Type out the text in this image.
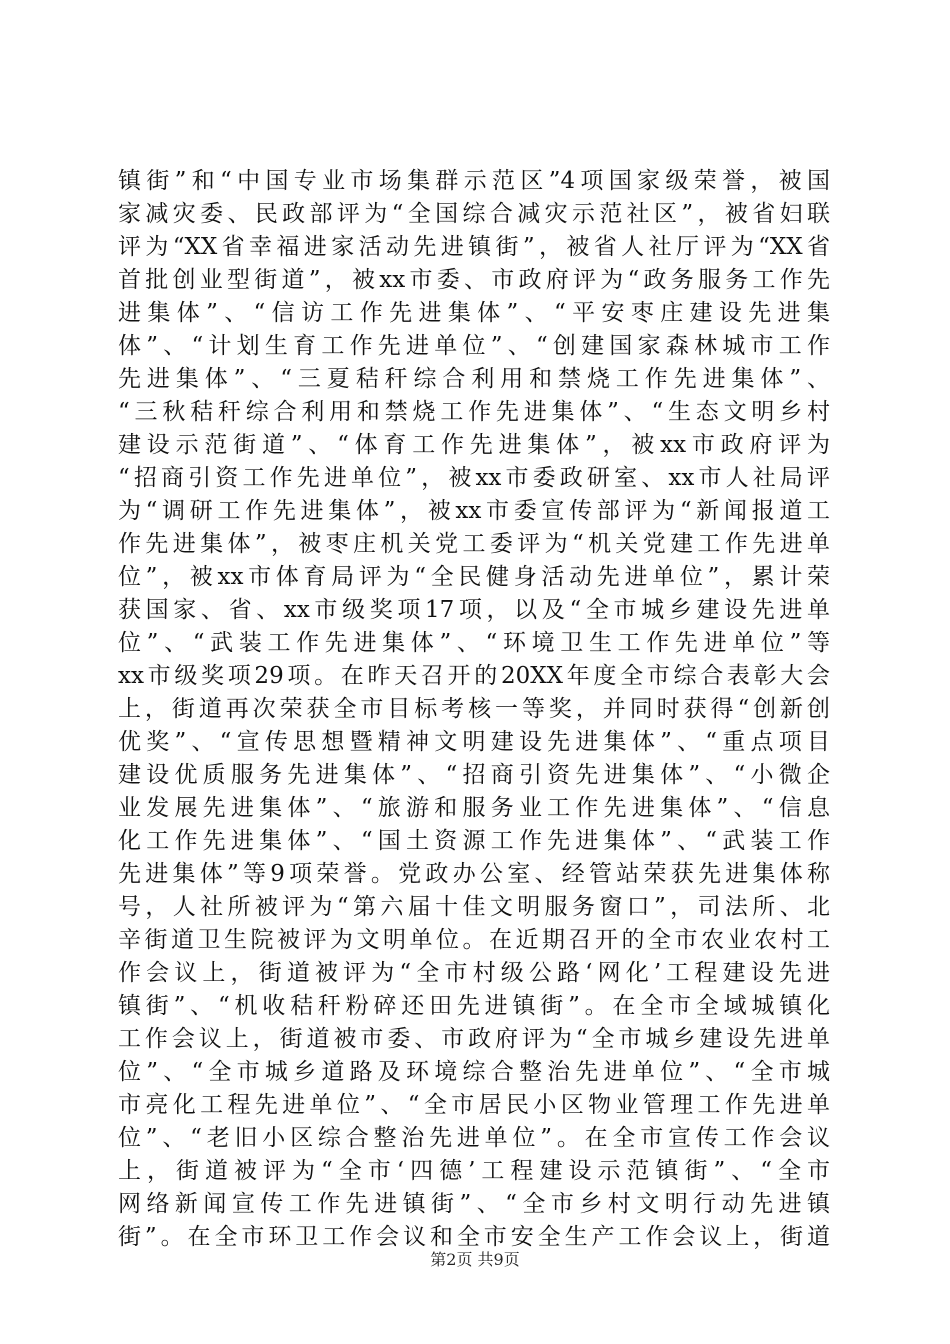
镇街”和“中国专业市场集群示范区”4项国家级荣誉，被国
家减灾委、民政部评为“全国综合减灾示范社区”，被省妇联
评为“XX省幸福进家活动先进镇街”，被省人社厅评为“XX省
首批创业型街道”，被xx市委、市政府评为“政务服务工作先
进集体”、“信访工作先进集体”、“平安枣庄建设先进集
体”、“计划生育工作先进单位”、“创建国家森林城市工作
先进集体”、“三夏秸秆综合利用和禁烧工作先进集体”、
“三秋秸秆综合利用和禁烧工作先进集体”、“生态文明乡村
建设示范街道”、“体育工作先进集体”，被xx市政府评为
“招商引资工作先进单位”，被xx市委政研室、xx市人社局评
为“调研工作先进集体”，被xx市委宣传部评为“新闻报道工
作先进集体”，被枣庄机关党工委评为“机关党建工作先进单
位”，被xx市体育局评为“全民健身活动先进单位”，累计荣
获国家、省、xx市级奖项17项，以及“全市城乡建设先进单
位”、“武装工作先进集体”、“环境卫生工作先进单位”等
xx市级奖项29项。在昨天召开的20XX年度全市综合表彰大会
上，街道再次荣获全市目标考核一等奖，并同时获得“创新创
优奖”、“宣传思想暨精神文明建设先进集体”、“重点项目
建设优质服务先进集体”、“招商引资先进集体”、“小微企
业发展先进集体”、“旅游和服务业工作先进集体”、“信息
化工作先进集体”、“国土资源工作先进集体”、“武装工作
先进集体”等9项荣誉。党政办公室、经管站荣获先进集体称
号，人社所被评为“第六届十佳文明服务窗口”，司法所、北
辛街道卫生院被评为文明单位。在近期召开的全市农业农村工
作会议上，街道被评为“全市村级公路‘网化’工程建设先进
镇街”、“机收秸秆粉碎还田先进镇街”。在全市全域城镇化
工作会议上，街道被市委、市政府评为“全市城乡建设先进单
位”、“全市城乡道路及环境综合整治先进单位”、“全市城
市亮化工程先进单位”、“全市居民小区物业管理工作先进单
位”、“老旧小区综合整治先进单位”。在全市宣传工作会议
上，街道被评为“全市‘四德’工程建设示范镇街”、“全市
网络新闻宣传工作先进镇街”、“全市乡村文明行动先进镇
街”。在全市环卫工作会议和全市安全生产工作会议上，街道
第2页 共9页
